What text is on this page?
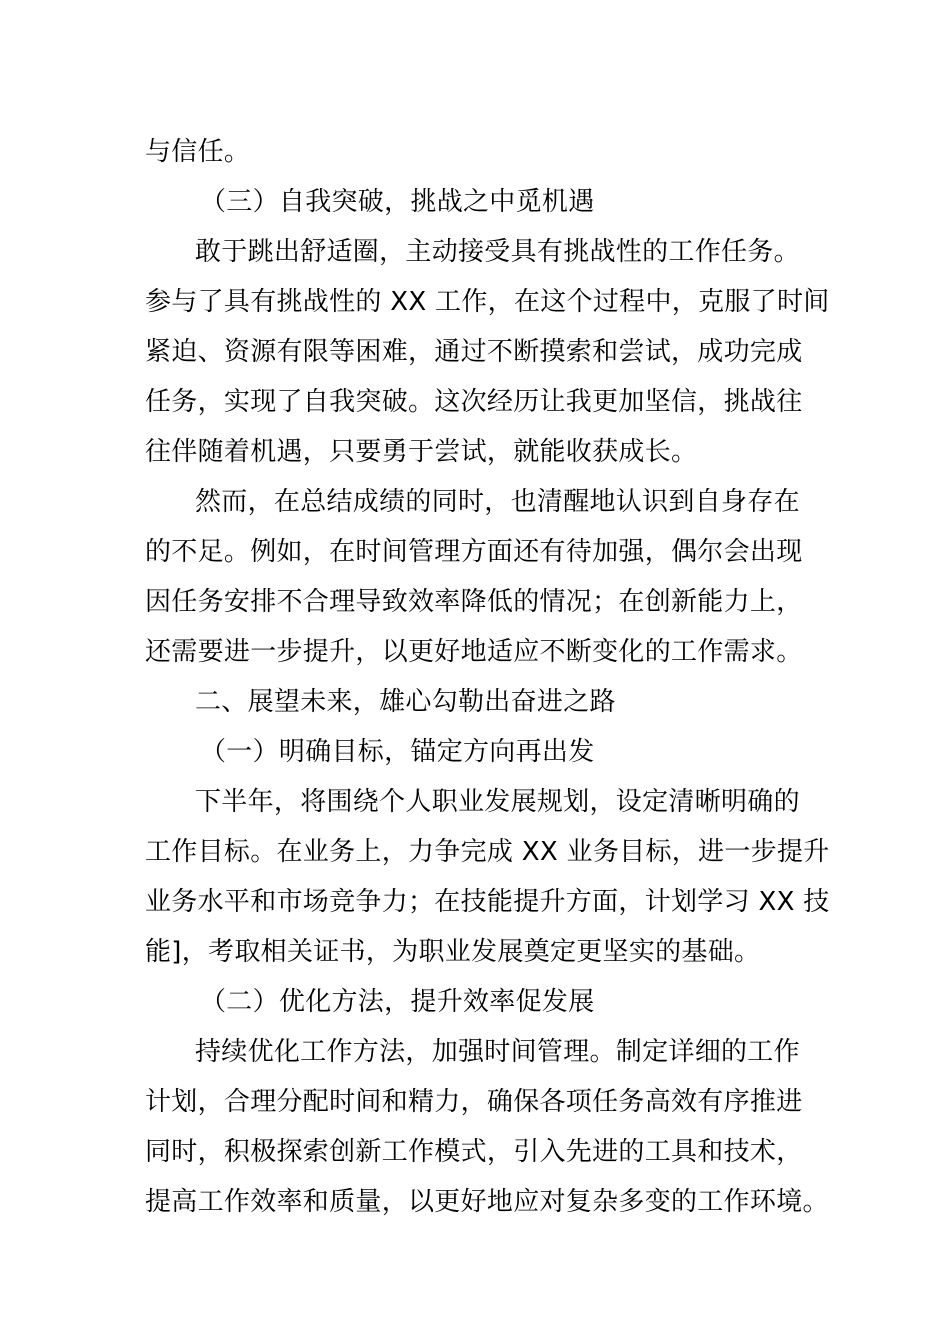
与信任。
（三）自我突破，挑战之中觅机遇
敢于跳出舒适圈，主动接受具有挑战性的工作任务。
参与了具有挑战性的 XX 工作，在这个过程中，克服了时间
紧迫、资源有限等困难，通过不断摸索和尝试，成功完成
任务，实现了自我突破。这次经历让我更加坚信，挑战往
往伴随着机遇，只要勇于尝试，就能收获成长。
然而，在总结成绩的同时，也清醒地认识到自身存在
的不足。例如，在时间管理方面还有待加强，偶尔会出现
因任务安排不合理导致效率降低的情况；在创新能力上，
还需要进一步提升，以更好地适应不断变化的工作需求。
二、展望未来，雄心勾勒出奋进之路
（一）明确目标，锚定方向再出发
下半年，将围绕个人职业发展规划，设定清晰明确的
工作目标。在业务上，力争完成 XX 业务目标，进一步提升
业务水平和市场竞争力；在技能提升方面，计划学习 XX 技
能]，考取相关证书，为职业发展奠定更坚实的基础。
（二）优化方法，提升效率促发展
持续优化工作方法，加强时间管理。制定详细的工作
计划，合理分配时间和精力，确保各项任务高效有序推进
同时，积极探索创新工作模式，引入先进的工具和技术，
提高工作效率和质量，以更好地应对复杂多变的工作环境。
